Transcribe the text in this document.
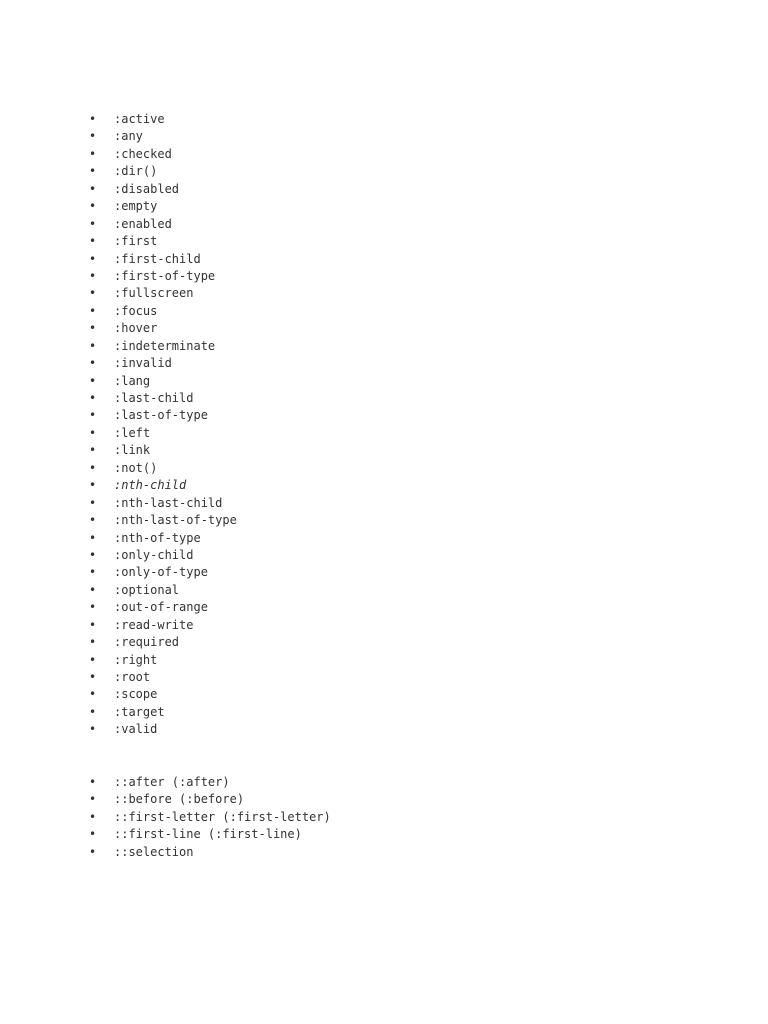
• :active
• :any
• :checked
• :dir()
• :disabled
• :empty
• :enabled
• :first
• :first-child
• :first-of-type
• :fullscreen
• :focus
• :hover
• :indeterminate
• :invalid
• :lang
• :last-child
• :last-of-type
• :left
• :link
• :not()
• :nth-child
• :nth-last-child
• :nth-last-of-type
• :nth-of-type
• :only-child
• :only-of-type
• :optional
• :out-of-range
• :read-write
• :required
• :right
• :root
• :scope
• :target
• :valid
• ::after (:after)
• ::before (:before)
• ::first-letter (:first-letter)
• ::first-line (:first-line)
• ::selection
